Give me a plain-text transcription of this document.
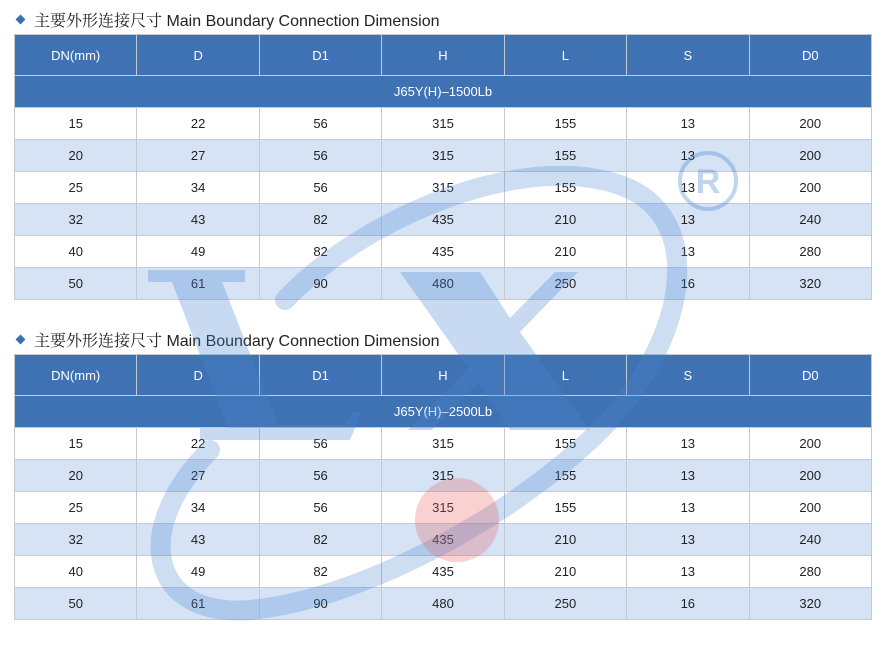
主要外形连接尺寸 Main Boundary Connection Dimension
DN(mm)	D	D1	H	L	S	D0
J65Y(H)–1500Lb						
15	22	56	315	155	13	200
20	27	56	315	155	13	200
25	34	56	315	155	13	200
32	43	82	435	210	13	240
40	49	82	435	210	13	280
50	61	90	480	250	16	320
主要外形连接尺寸 Main Boundary Connection Dimension
DN(mm)	D	D1	H	L	S	D0
J65Y(H)–2500Lb						
15	22	56	315	155	13	200
20	27	56	315	155	13	200
25	34	56	315	155	13	200
32	43	82	435	210	13	240
40	49	82	435	210	13	280
50	61	90	480	250	16	320
R
